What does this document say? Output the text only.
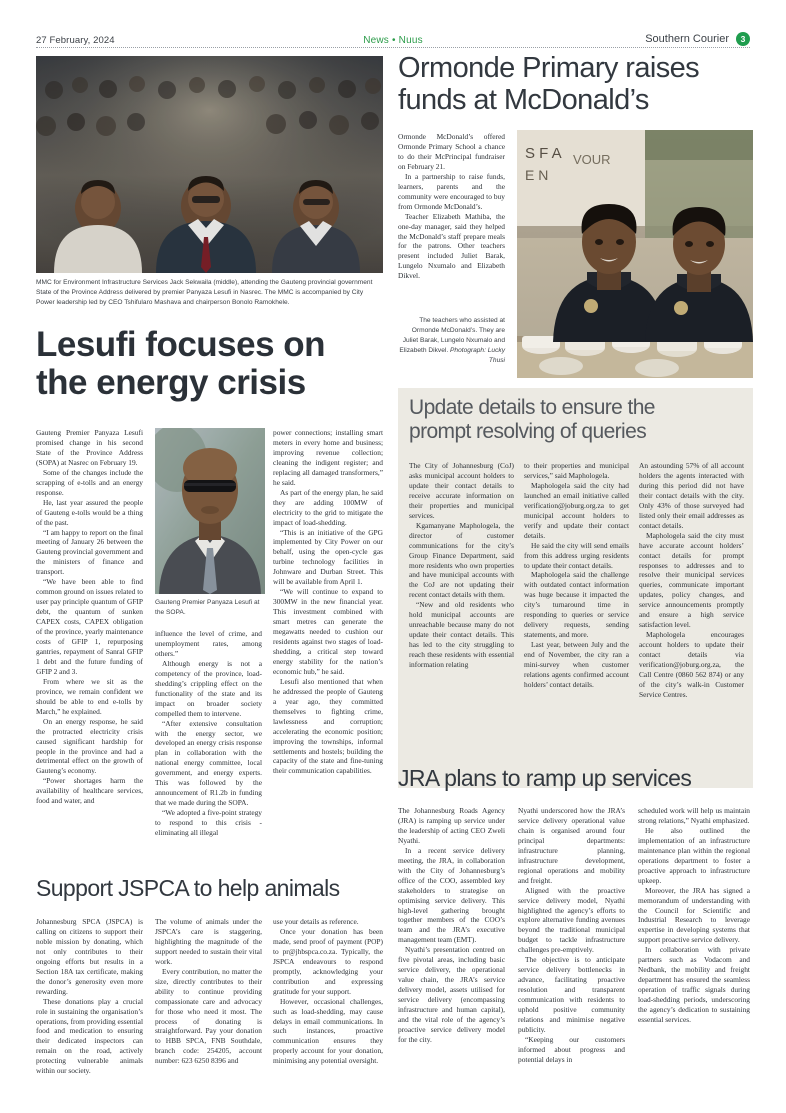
27 February, 2024	News • Nuus	Southern Courier	3
MMC for Environment Infrastructure Services Jack Sekwaila (middle), attending the Gauteng provincial government State of the Province Address delivered by premier Panyaza Lesufi in Nasrec. The MMC is accompanied by City Power leadership led by CEO Tshifularo Mashava and chairperson Bonolo Ramokhele.
Lesufi focuses on
the energy crisis

Gauteng Premier Panyaza Lesufi promised change in his second State of the Province Address (SOPA) at Nasrec on February 19.

Some of the changes include the scrapping of e-tolls and an energy response.

He, last year assured the people of Gauteng e-tolls would be a thing of the past.

“I am happy to report on the final meeting of January 26 between the Gauteng provincial government and the ministers of finance and transport.

“We have been able to find common ground on issues related to user pay principle quantum of GFIP debt, the quantum of sunken CAPEX costs, CAPEX obligation of the province, yearly maintenance costs of GFIP 1, repurposing gantries, repayment of Sanral GFIP 1 debt and the future funding of GFIP 2 and 3.

From where we sit as the province, we remain confident we should be able to end e-tolls by March,” he explained.

On an energy response, he said the protracted electricity crisis caused significant hardship for people in the province and had a detrimental effect on the growth of Gauteng’s economy.

“Power shortages harm the availability of healthcare services, food and water, and

Gauteng Premier Panyaza Lesufi at the SOPA.

influence the level of crime, and unemployment rates, among others.”

Although energy is not a competency of the province, load-shedding’s crippling effect on the functionality of the state and its impact on broader society compelled them to intervene.

“After extensive consultation with the energy sector, we developed an energy crisis response plan in collaboration with the national energy committee, local government, and energy experts. This was followed by the announcement of R1.2b in funding that we made during the SOPA.

“We adopted a five-point strategy to respond to this crisis - eliminating all illegal

power connections; installing smart meters in every home and business; improving revenue collection; cleaning the indigent register; and replacing all damaged transformers,” he said.

As part of the energy plan, he said they are adding 100MW of electricity to the grid to mitigate the impact of load-shedding.

“This is an initiative of the GPG implemented by City Power on our behalf, using the open-cycle gas turbine technology facilities in Johnware and Durban Street. This will be available from April 1.

“We will continue to expand to 300MW in the new financial year. This investment combined with smart metres can generate the megawatts needed to cushion our residents against two stages of load-shedding, a critical step toward energy stability for the nation’s economic hub,” he said.

Lesufi also mentioned that when he addressed the people of Gauteng a year ago, they committed themselves to fighting crime, lawlessness and corruption; accelerating the economic position; improving the townships, informal settlements and hostels; building the capacity of the state and fine-tuning their communication capabilities.

Ormonde Primary raises
funds at McDonald’s

Ormonde McDonald’s offered Ormonde Primary School a chance to do their McPrincipal fundraiser on February 21.

In a partnership to raise funds, learners, parents and the community were encouraged to buy from Ormonde McDonald’s.

Teacher Elizabeth Mathiba, the one-day manager, said they helped the McDonald’s staff prepare meals for the patrons. Other teachers present included Juliet Barak, Lungelo Nxumalo and Elizabeth Dikvel.

The teachers who assisted at Ormonde McDonald’s. They are Juliet Barak, Lungelo Nxumalo and Elizabeth Dikvel. Photograph: Lucky Thusi
S F A
E N
VOUR
Update details to ensure the
prompt resolving of queries

The City of Johannesburg (CoJ) asks municipal account holders to update their contact details to receive accurate information on their properties and municipal services.

Kgamanyane Maphologela, the director of customer communications for the city’s Group Finance Department, said more residents who own properties and have municipal accounts with the CoJ are not updating their recent contact details with them.

“New and old residents who hold municipal accounts are unreachable because many do not update their contact details. This has led to the city struggling to reach these residents with essential information relating

to their properties and municipal services,” said Maphologela.

Maphologela said the city had launched an email initiative called verification@joburg.org.za to get municipal account holders to verify and update their contact details.

He said the city will send emails from this address urging residents to update their contact details.

Maphologela said the challenge with outdated contact information was huge because it impacted the city’s turnaround time in responding to queries or service delivery requests, sending statements, and more.

Last year, between July and the end of November, the city ran a mini-survey when customer relations agents confirmed account holders’ contact details.

An astounding 57% of all account holders the agents interacted with during this period did not have their contact details with the city. Only 43% of those surveyed had listed only their email addresses as contact details.

Maphologela said the city must have accurate account holders’ contact details for prompt responses to addresses and to resolve their municipal services queries, communicate important updates, policy changes, and service announcements promptly and ensure a high service satisfaction level.

Maphologela encourages account holders to update their contact details via verification@joburg.org.za, the Call Centre (0860 562 874) or any of the city’s walk-in Customer Service Centres.

JRA plans to ramp up services

The Johannesburg Roads Agency (JRA) is ramping up service under the leadership of acting CEO Zweli Nyathi.

In a recent service delivery meeting, the JRA, in collaboration with the City of Johannesburg’s office of the COO, assembled key stakeholders to strategise on optimising service delivery. This high-level gathering brought together members of the COO’s team and the JRA’s executive management team (EMT).

Nyathi’s presentation centred on five pivotal areas, including basic service delivery, the operational value chain, the JRA’s service delivery model, assets utilised for service delivery (encompassing infrastructure and human capital), and the vital role of the agency’s proactive service delivery model for the city.

Nyathi underscored how the JRA’s service delivery operational value chain is organised around four principal departments: infrastructure planning, infrastructure development, regional operations and mobility and freight.

Aligned with the proactive service delivery model, Nyathi highlighted the agency’s efforts to explore alternative funding avenues beyond the traditional municipal budget to tackle infrastructure challenges pre-emptively.

The objective is to anticipate service delivery bottlenecks in advance, facilitating proactive resolution and transparent communication with residents to uphold positive community relations and minimise negative publicity.

“Keeping our customers informed about progress and potential delays in

scheduled work will help us maintain strong relations,” Nyathi emphasized.

He also outlined the implementation of an infrastructure maintenance plan within the regional operations department to foster a proactive approach to infrastructure upkeep.

Moreover, the JRA has signed a memorandum of understanding with the Council for Scientific and Industrial Research to leverage expertise in developing systems that support proactive service delivery.

In collaboration with private partners such as Vodacom and Nedbank, the mobility and freight department has ensured the seamless operation of traffic signals during load-shedding periods, underscoring the agency’s dedication to sustaining essential services.

Support JSPCA to help animals

Johannesburg SPCA (JSPCA) is calling on citizens to support their noble mission by donating, which not only contributes to their ongoing efforts but results in a Section 18A tax certificate, making the donor’s generosity even more rewarding.

These donations play a crucial role in sustaining the organisation’s operations, from providing essential food and medication to ensuring their dedicated inspectors can remain on the road, actively protecting vulnerable animals within our society.

The volume of animals under the JSPCA’s care is staggering, highlighting the magnitude of the support needed to sustain their vital work.

Every contribution, no matter the size, directly contributes to their ability to continue providing compassionate care and advocacy for those who need it most. The process of donating is straightforward. Pay your donation to HBB SPCA, FNB Southdale, branch code: 254205, account number: 623 6250 8396 and

use your details as reference.

Once your donation has been made, send proof of payment (POP) to pr@jhbspca.co.za. Typically, the JSPCA endeavours to respond promptly, acknowledging your contribution and expressing gratitude for your support.

However, occasional challenges, such as load-shedding, may cause delays in email communications. In such instances, proactive communication ensures they properly account for your donation, minimising any potential oversight.
